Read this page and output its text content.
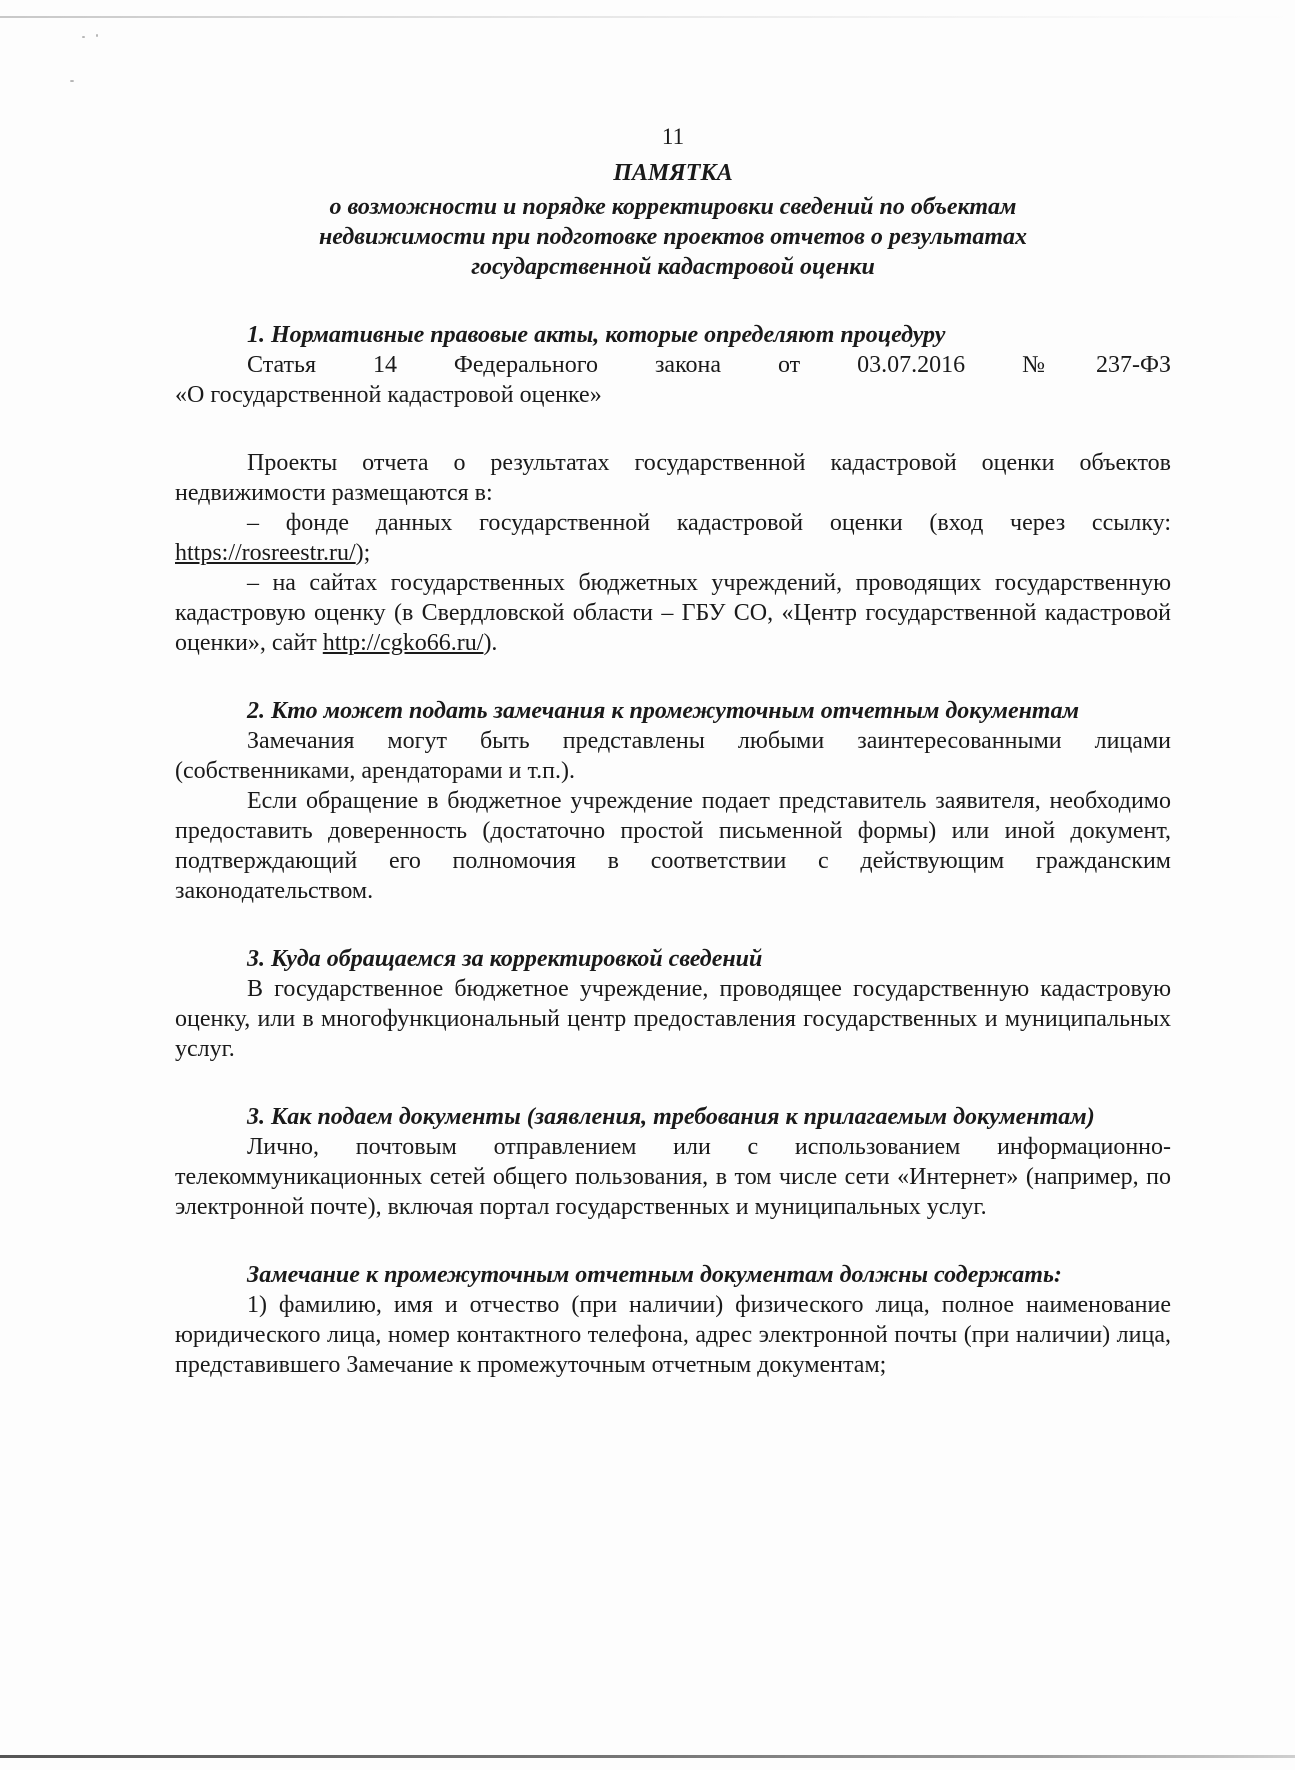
11
ПАМЯТКА
о возможности и порядке корректировки сведений по объектам
недвижимости при подготовке проектов отчетов о результатах
государственной кадастровой оценки
1. Нормативные правовые акты, которые определяют процедуру

Статья 14 Федерального закона от 03.07.2016 №237-ФЗ

«О государственной кадастровой оценке»

Проекты отчета о результатах государственной кадастровой оценки объектов недвижимости размещаются в:

– фонде данных государственной кадастровой оценки (вход через ссылку: https://rosreestr.ru/);

– на сайтах государственных бюджетных учреждений, проводящих государственную кадастровую оценку (в Свердловской области – ГБУ СО, «Центр государственной кадастровой оценки», сайт http://cgko66.ru/).

2. Кто может подать замечания к промежуточным отчетным документам

Замечания могут быть представлены любыми заинтересованными лицами (собственниками, арендаторами и т.п.).

Если обращение в бюджетное учреждение подает представитель заявителя, необходимо предоставить доверенность (достаточно простой письменной формы) или иной документ, подтверждающий его полномочия в соответствии с действующим гражданским законодательством.

3. Куда обращаемся за корректировкой сведений

В государственное бюджетное учреждение, проводящее государственную кадастровую оценку, или в многофункциональный центр предоставления государственных и муниципальных услуг.

3. Как подаем документы (заявления, требования к прилагаемым документам)

Лично, почтовым отправлением или с использованием информационно-телекоммуникационных сетей общего пользования, в том числе сети «Интернет» (например, по электронной почте), включая портал государственных и муниципальных услуг.

Замечание к промежуточным отчетным документам должны содержать:

1) фамилию, имя и отчество (при наличии) физического лица, полное наименование юридического лица, номер контактного телефона, адрес электронной почты (при наличии) лица, представившего Замечание к промежуточным отчетным документам;
